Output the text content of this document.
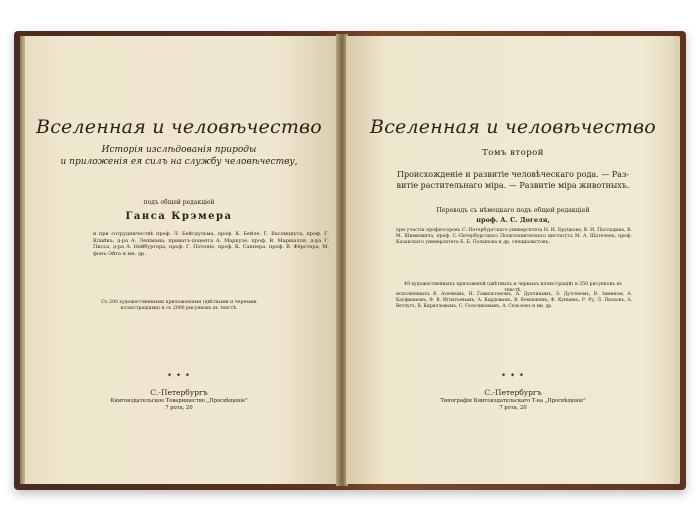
Вселенная и человѣчество
Исторія изслѣдованія природы
и приложенія ея силъ на службу человѣчеству,
подъ общей редакціей
Ганса Крэмера
и при сотрудничествѣ проф. Л. Бейсдульма, проф. К. Бейле, Г. Васлициуса, проф. Г. Клайна, д-ра А. Лешмана, приватъ-доцента А. Маркузе, проф. В. Маршалля, д-ра Г. Писса, д-ра А. Нейбургера, проф. Г. Потоніе, проф. К. Саппера, проф. В. Фёрстера, М. фонъ-Эйта и мн. др.
Съ 200 художественными приложеніями (цвѣтными и черными иллюстраціями) и съ 2000 рисунковъ въ текстѣ.
⁕ ✦ ⁕
С.-Петербургъ
Книгоиздательское Товарищество „Просвѣщеніе"
7 рота, 20
Вселенная и человѣчество
Томъ второй
Происхожденіе и развитіе человѣческаго рода. — Раз-
витіе растительнаго міра. — Развитіе міра животныхъ.
Переводъ съ нѣмецкаго подъ общей редакціей
проф. А. С. Догеля,
при участіи профессоровъ С.-Петербургскаго университета Н. И. Бруцкова, В. И. Палладина, В. М. Шимкевича, проф. С.-Петербургскаго Политехническаго института М. А. Шателена, проф. Казанскаго университета Б. Б. Полынова и др. специалистовъ.
49 художественныхъ приложеній (цвѣтныхъ и черныхъ иллюстрацій) и 350 рисунковъ въ текстѣ,
исполненныхъ В. Агеевымъ, Н. Гамильтономъ, А. Дуплинымъ, Э. Дутгеномъ, В. Зимином, А. Кауфманомъ, Ф. В. Игнатьевымъ, А. Кардовымъ, В. Кемпеномъ, Ф. Кунцемъ, Р. Ру, Л. Песковъ, А. Ветлугъ, В. Кирилловымъ, С. Сельчиковымъ, А. Сельзомъ и мн. др.
⁕ ✦ ⁕
С.-Петербургъ
Типографія Книгоиздательскаго Т-ва „Просвѣщеніе"
7 рота, 20
